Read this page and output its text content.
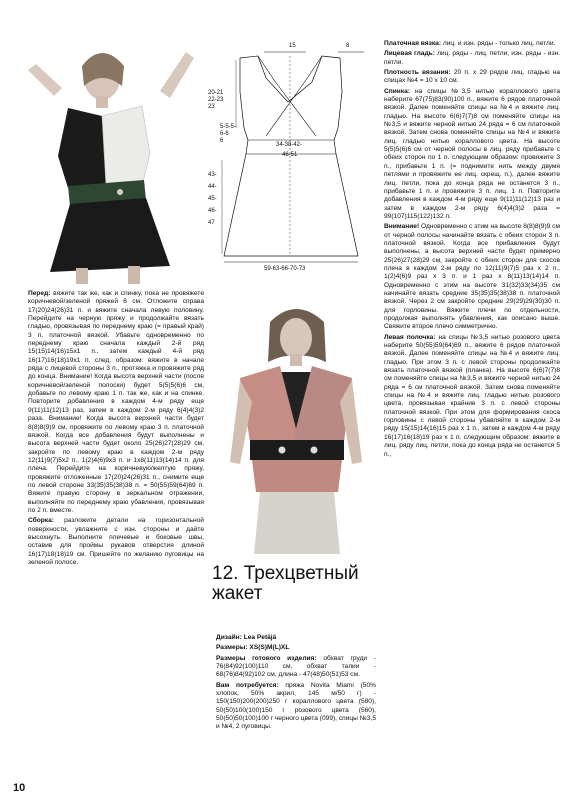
15	8
20-21
22-23
23
5-5-5-
6-6
6
34-38-42-
46-51
43-
44-
45-
46-
47
59-63-66-70-73

Платочная вязка: лиц. и изн. ряды - только лиц. петли.

Лицевая гладь: лиц. ряды - лиц. петли, изн. ряды - изн. петли.

Плотность вязания: 20 п. х 29 рядов лиц. гладью на спицах №4 = 10 х 10 см.

Спинка: на спицы №3,5 нитью кораллового цвета наберите 67(75)83(90)100 п., вяжите 6 рядов платочной вязкой. Далее поменяйте спицы на №4 и вяжите лиц. гладью. На высоте 6(6)7(7)8 см поменяйте спицы на №3,5 и вяжите черной нитью 24 ряда = 6 см платочной вязкой. Затем снова поменяйте спицы на №4 и вяжите лиц. гладью нитью кораллового цвета. На высоте 5(5)5(6)6 см от черной полосы в лиц. ряду прибавьте с обеих сторон по 1 п. следующим образом: провяжите 3 п., прибавьте 1 п. (= поднимите нить между двумя петлями и провяжите ее лиц. скрещ. п.), далее вяжите лиц. петли, пока до конца ряда не останется 3 п., прибавьте 1 п. и провяжите 3 п. лиц. 1 п. Повторите добавления в каждом 4-м ряду еще 9(11)11(12)13 раз и затем в каждом 2-м ряду 6(4)4(3)2 раза = 99(107)115(122)132 п.

Внимание! Одновременно с этим на высоте 8(8)8(9)9 см от черной полосы начинайте вязать с обеих сторон 3 п. платочной вязкой. Когда все прибавления будут выполнены, а высота верхней части будет примерно 25(26)27(28)29 см, закройте с обеих сторон для скосов плеча в каждом 2-м ряду по 12(11)9(7)5 раз х 2 п., 1(2)4(6)9 раз х 3 п. и 1 раз х 8(11)13(14)14 п. Одновременно с этим на высоте 31(32)33(34)35 см начинайте вязать средние 35(35)35(38)38 п. платочной вязкой. Через 2 см закройте средние 29(29)29(30)30 п. для горловины. Вяжите плечи по отдельности, продолжая выполнять убавления, как описано выше. Свяжите второе плечо симметрично.

Левая полочка: на спицы №3,5 нитью розового цвета наберите 50(55)59(64)69 п., вяжите 6 рядов платочной вязкой. Далее поменяйте спицы на №4 и вяжите лиц. гладью. При этом 3 п. с левой стороны продолжайте вязать платочной вязкой (планка). На высоте 6(6)7(7)8 см поменяйте спицы на №3,5 и вяжите черной нитью 24 ряда = 6 см платочной вязкой. Затем снова поменяйте спицы на №4 и вяжите лиц. гладью нитью розового цвета, провязывая крайние 3 п. с левой стороны платочной вязкой. При этом для формирования скоса горловины с левой стороны убавляйте в каждом 2-м ряду 15(15)14(16)15 раз х 1 п., затем в каждом 4-м ряду 16(17)16(18)19 раз х 1 п. следующим образом: вяжите в лиц. ряду лиц. петли, пока до конца ряда не останется 5 п.,

Перед: вяжите так же, как и спинку, пока не провяжете коричневой/зеленой пряжей 6 см. Отложите справа 17(20)24(26)31 п. и вяжите сначала левую половину. Перейдите на черную пряжу и продолжайте вязать гладью, провязывая по переднему краю (= правый край) 3 п. платочной вязкой. Убавьте одновременно по переднему краю сначала каждый 2-й ряд 15(15)14(16)15х1 п., затем каждый 4-й ряд 16(17)16(18)19х1 п. след. образом: вяжите в начале ряда с лицевой стороны 3 п., протяжка и провяжите ряд до конца. Внимание! Когда высота верхней части (после коричневой/зеленой полоски) будет 5(5)5(6)6 см, добавьте по левому краю 1 п. так же, как и на спинке. Повторите добавления в каждом 4-м ряду еще 9(11)11(12)13 раз, затем в каждом 2-м ряду 6(4)4(3)2 раза. Внимание! Когда высота верхней части будет 8(8)8(9)9 см, провяжите по левому краю 3 п. платочной вязкой. Когда все добавления будут выполнены и высота верхней части будет около 25(26)27(28)29 см, закройте по левому краю в каждом 2-м ряду 12(11)9(7)5х2 п., 1(2)4(6)9х3 п. и 1х8(11)13(14)14 п. для плеча. Перейдите на коричневую/желтую пряжу, провяжите отложенные 17(20)24(26)31 п., снимите еще по левой стороне 33(35)35(38)38 п. = 50(55)59(64)69 п. Вяжите правую сторону в зеркальном отражении, выполняйте по переднему краю убавления, провязывая по 2 п. вместе.

Сборка: разложите детали на горизонтальной поверхности, увлажните с изн. стороны и дайте высохнуть. Выполните плечевые и боковые швы, оставив для проймы рукавов отверстия длиной 16(17)18(18)19 см. Пришейте по желанию пуговицы на зеленой полосе.

12. Трехцветный жакет

Дизайн: Lea Petäjä

Размеры: XS(S)M(L)XL

Размеры готового изделия: обхват груди - 76(84)92(100)110 см, обхват талии - 68(76)84(92)102 см, длина - 47(48)50(51)53 см.

Вам потребуется: пряжа Novita Miami (50% хлопок, 50% акрил, 145 м/50 г) - 150(150)200(200)250 г кораллового цвета (580), 50(50)100(100)150 г розового цвета (560), 50(50)50(100)100 г черного цвета (099), спицы №3,5 и №4, 2 пуговицы.

10
